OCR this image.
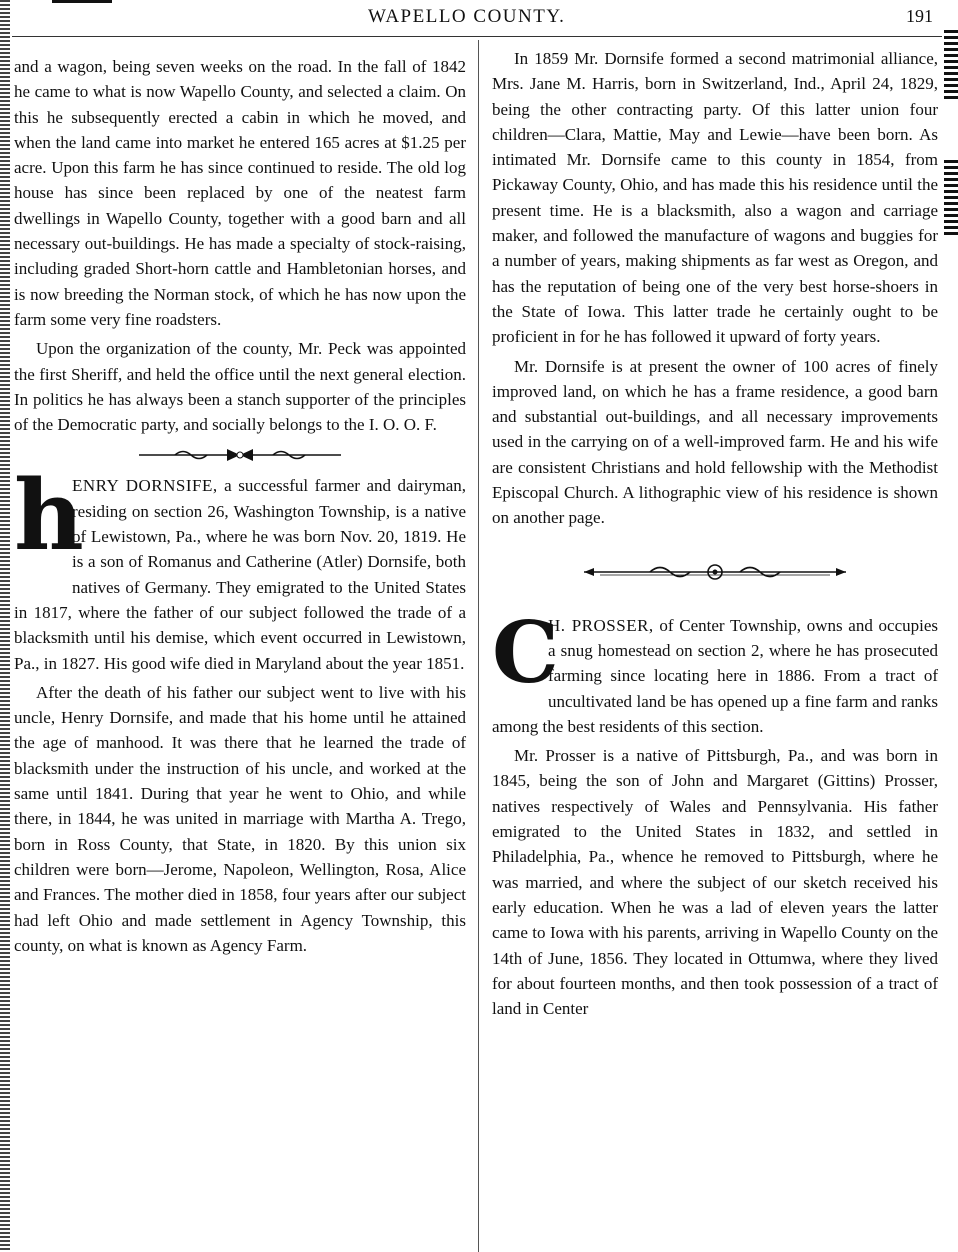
WAPELLO COUNTY.	191

and a wagon, being seven weeks on the road. In the fall of 1842 he came to what is now Wapello County, and selected a claim. On this he subsequently erected a cabin in which he moved, and when the land came into market he entered 165 acres at $1.25 per acre. Upon this farm he has since continued to reside. The old log house has since been replaced by one of the neatest farm dwellings in Wapello County, together with a good barn and all necessary out-buildings. He has made a specialty of stock-raising, including graded Short-horn cattle and Hambletonian horses, and is now breeding the Norman stock, of which he has now upon the farm some very fine roadsters.

Upon the organization of the county, Mr. Peck was appointed the first Sheriff, and held the office until the next general election. In politics he has always been a stanch supporter of the principles of the Democratic party, and socially belongs to the I. O. O. F.

h

ENRY DORNSIFE, a successful farmer and dairyman, residing on section 26, Washington Township, is a native of Lewistown, Pa., where he was born Nov. 20, 1819. He is a son of Romanus and Catherine (Atler) Dornsife, both natives of Germany. They emigrated to the United States in 1817, where the father of our subject followed the trade of a blacksmith until his demise, which event occurred in Lewistown, Pa., in 1827. His good wife died in Maryland about the year 1851.

After the death of his father our subject went to live with his uncle, Henry Dornsife, and made that his home until he attained the age of manhood. It was there that he learned the trade of blacksmith under the instruction of his uncle, and worked at the same until 1841. During that year he went to Ohio, and while there, in 1844, he was united in marriage with Martha A. Trego, born in Ross County, that State, in 1820. By this union six children were born—Jerome, Napoleon, Wellington, Rosa, Alice and Frances. The mother died in 1858, four years after our subject had left Ohio and made settlement in Agency Township, this county, on what is known as Agency Farm.

In 1859 Mr. Dornsife formed a second matrimonial alliance, Mrs. Jane M. Harris, born in Switzerland, Ind., April 24, 1829, being the other contracting party. Of this latter union four children—Clara, Mattie, May and Lewie—have been born. As intimated Mr. Dornsife came to this county in 1854, from Pickaway County, Ohio, and has made this his residence until the present time. He is a blacksmith, also a wagon and carriage maker, and followed the manufacture of wagons and buggies for a number of years, making shipments as far west as Oregon, and has the reputation of being one of the very best horse-shoers in the State of Iowa. This latter trade he certainly ought to be proficient in for he has followed it upward of forty years.

Mr. Dornsife is at present the owner of 100 acres of finely improved land, on which he has a frame residence, a good barn and substantial out-buildings, and all necessary improvements used in the carrying on of a well-improved farm. He and his wife are consistent Christians and hold fellowship with the Methodist Episcopal Church. A lithographic view of his residence is shown on another page.

C

H. PROSSER, of Center Township, owns and occupies a snug homestead on section 2, where he has prosecuted farming since locating here in 1886. From a tract of uncultivated land be has opened up a fine farm and ranks among the best residents of this section.

Mr. Prosser is a native of Pittsburgh, Pa., and was born in 1845, being the son of John and Margaret (Gittins) Prosser, natives respectively of Wales and Pennsylvania. His father emigrated to the United States in 1832, and settled in Philadelphia, Pa., whence he removed to Pittsburgh, where he was married, and where the subject of our sketch received his early education. When he was a lad of eleven years the latter came to Iowa with his parents, arriving in Wapello County on the 14th of June, 1856. They located in Ottumwa, where they lived for about fourteen months, and then took possession of a tract of land in Center
